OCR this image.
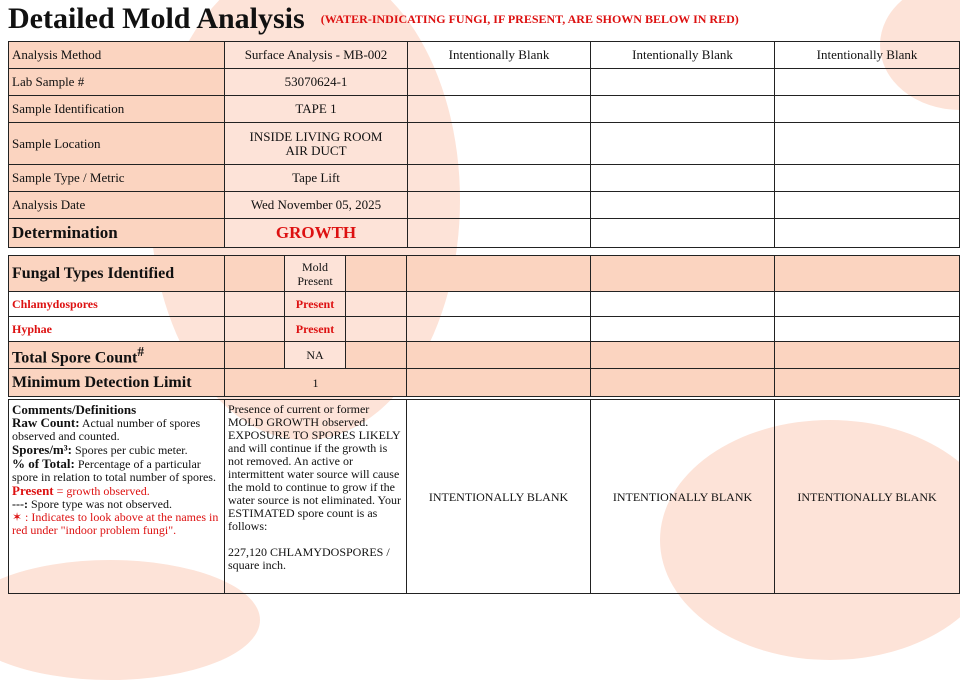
Detailed Mold Analysis (WATER-INDICATING FUNGI, IF PRESENT, ARE SHOWN BELOW IN RED)
Analysis Method	Surface Analysis - MB-002	Intentionally Blank	Intentionally Blank	Intentionally Blank
Lab Sample #	53070624-1			
Sample Identification	TAPE 1			
Sample Location	INSIDE LIVING ROOM
AIR DUCT			
Sample Type / Metric	Tape Lift			
Analysis Date	Wed November 05, 2025			
Determination	GROWTH			
Fungal Types Identified		Mold
Present				
Chlamydospores		Present				
Hyphae		Present				
Total Spore Count#		NA				
Minimum Detection Limit	1					
Comments/Definitions
Raw Count: Actual number of spores observed and counted.
Spores/m³: Spores per cubic meter.
% of Total: Percentage of a particular spore in relation to total number of spores.
Present = growth observed.
---: Spore type was not observed.
✶ : Indicates to look above at the names in red under "indoor problem fungi".	Presence of current or former MOLD GROWTH observed. EXPOSURE TO SPORES LIKELY and will continue if the growth is not removed. An active or intermittent water source will cause the mold to continue to grow if the water source is not eliminated. Your ESTIMATED spore count is as follows:

227,120 CHLAMYDOSPORES / square inch.	INTENTIONALLY BLANK	INTENTIONALLY BLANK	INTENTIONALLY BLANK
